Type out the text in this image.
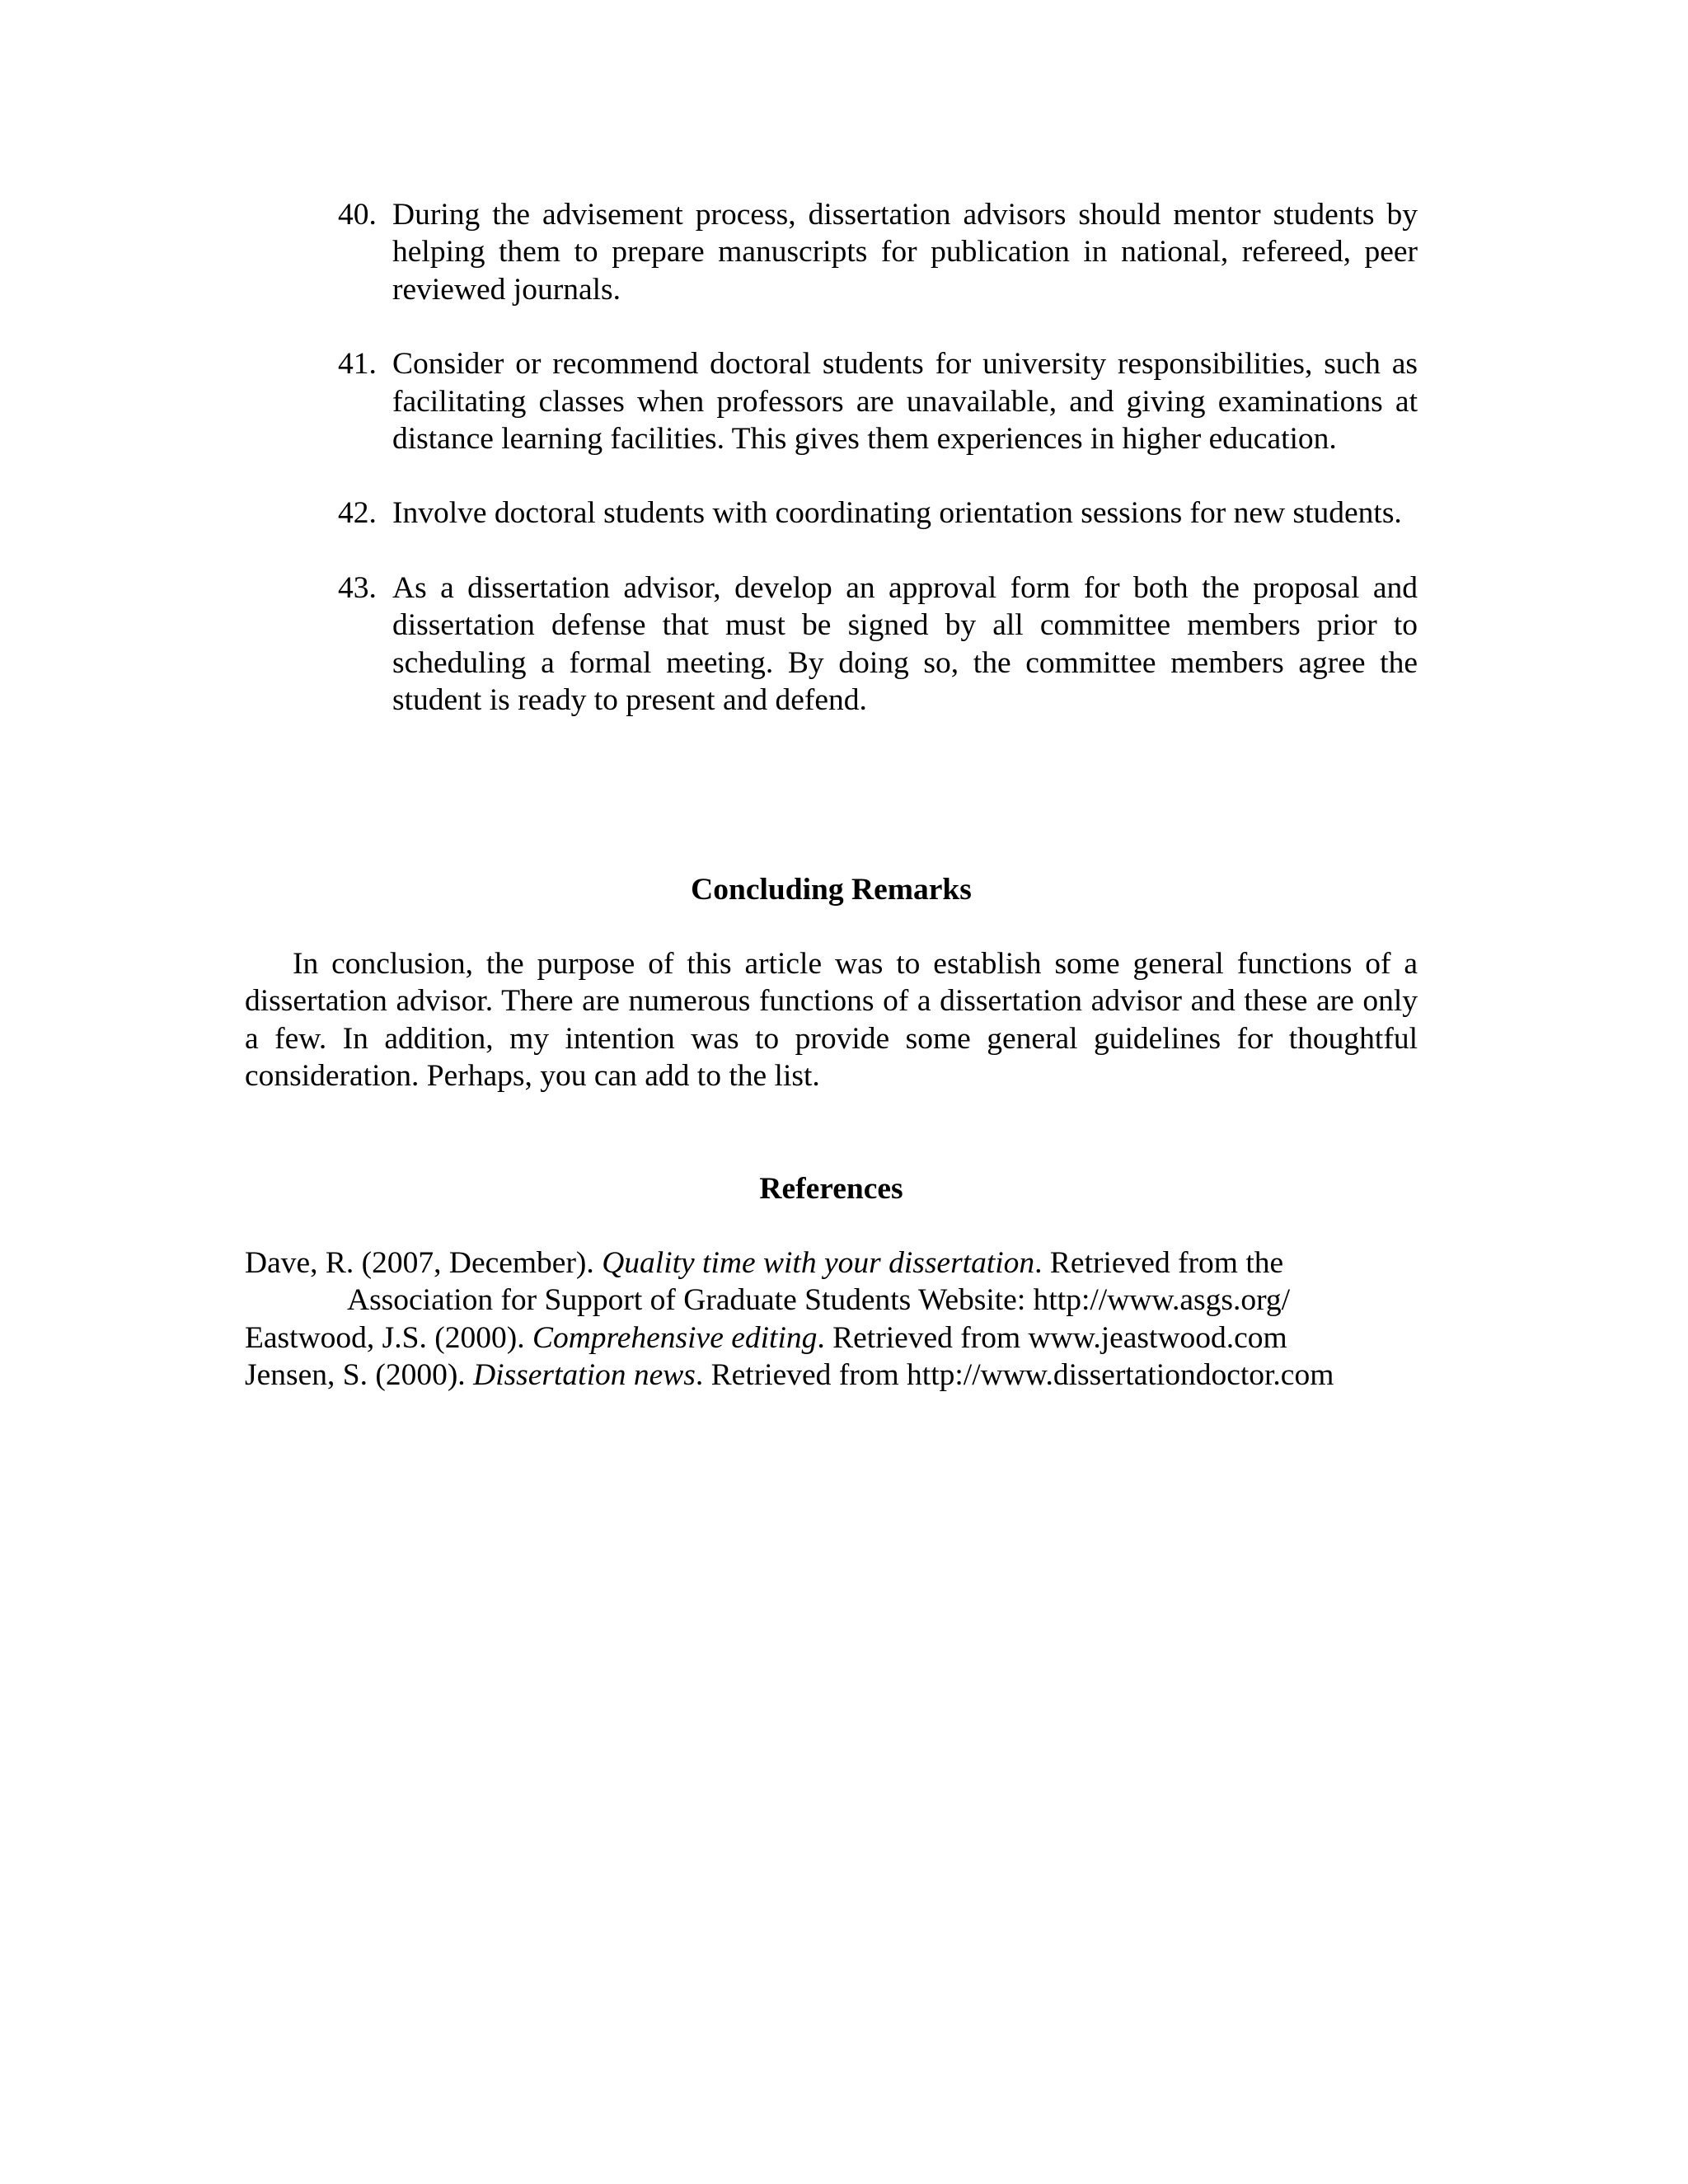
40. During the advisement process, dissertation advisors should mentor students by helping them to prepare manuscripts for publication in national, refereed, peer reviewed journals.
41. Consider or recommend doctoral students for university responsibilities, such as facilitating classes when professors are unavailable, and giving examinations at distance learning facilities. This gives them experiences in higher education.
42. Involve doctoral students with coordinating orientation sessions for new students.
43. As a dissertation advisor, develop an approval form for both the proposal and dissertation defense that must be signed by all committee members prior to scheduling a formal meeting. By doing so, the committee members agree the student is ready to present and defend.
Concluding Remarks

In conclusion, the purpose of this article was to establish some general functions of a dissertation advisor. There are numerous functions of a dissertation advisor and these are only a few. In addition, my intention was to provide some general guidelines for thoughtful consideration. Perhaps, you can add to the list.

References
Dave, R. (2007, December). Quality time with your dissertation. Retrieved from the
Association for Support of Graduate Students Website: http://www.asgs.org/
Eastwood, J.S. (2000). Comprehensive editing. Retrieved from www.jeastwood.com
Jensen, S. (2000). Dissertation news. Retrieved from http://www.dissertationdoctor.com
